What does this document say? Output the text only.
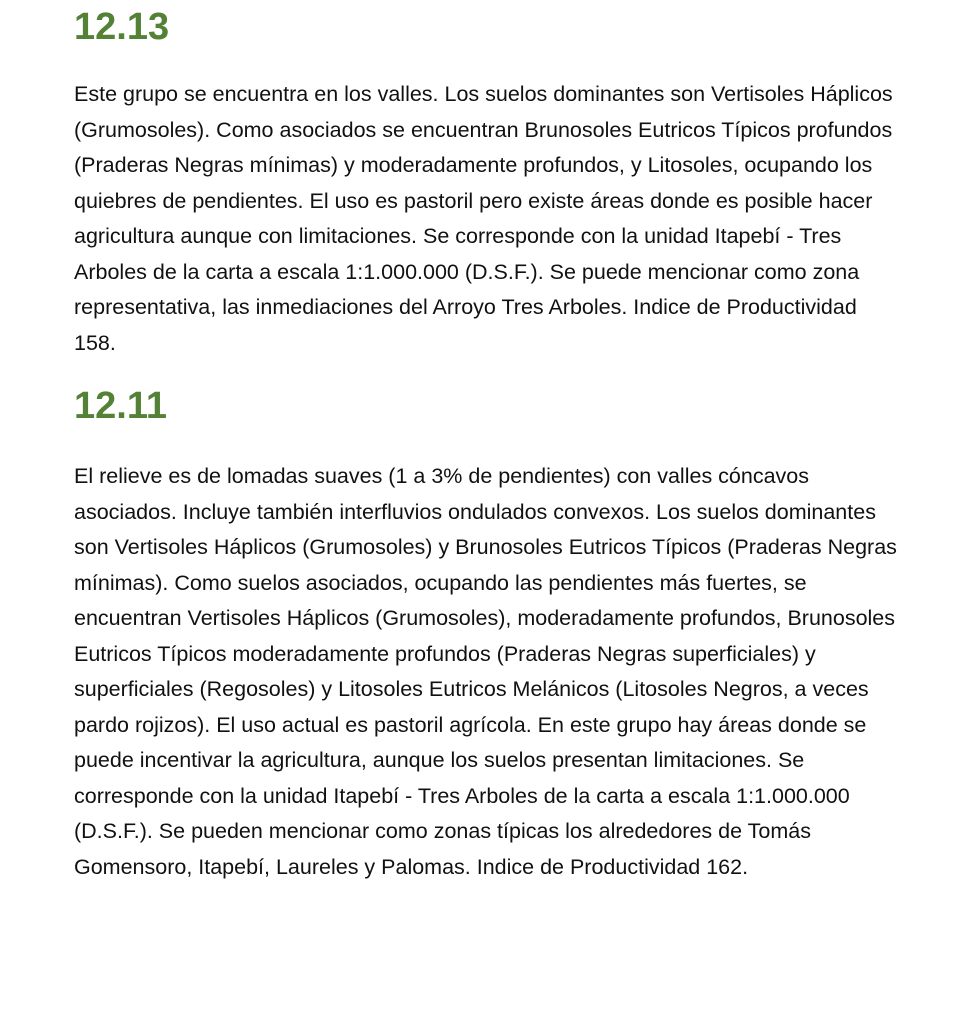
12.13

Este grupo se encuentra en los valles. Los suelos dominantes son Vertisoles Háplicos (Grumosoles). Como asociados se encuentran Brunosoles Eutricos Típicos profundos (Praderas Negras mínimas) y moderadamente profundos, y Litosoles, ocupando los quiebres de pendientes. El uso es pastoril pero existe áreas donde es posible hacer agricultura aunque con limitaciones. Se corresponde con la unidad Itapebí - Tres Arboles de la carta a escala 1:1.000.000 (D.S.F.). Se puede mencionar como zona representativa, las inmediaciones del Arroyo Tres Arboles. Indice de Productividad 158.

12.11

El relieve es de lomadas suaves (1 a 3% de pendientes) con valles cóncavos asociados. Incluye también interfluvios ondulados convexos. Los suelos dominantes son Vertisoles Háplicos (Grumosoles) y Brunosoles Eutricos Típicos (Praderas Negras mínimas). Como suelos asociados, ocupando las pendientes más fuertes, se encuentran Vertisoles Háplicos (Grumosoles), moderadamente profundos, Brunosoles Eutricos Típicos moderadamente profundos (Praderas Negras superficiales) y superficiales (Regosoles) y Litosoles Eutricos Melánicos (Litosoles Negros, a veces pardo rojizos). El uso actual es pastoril agrícola. En este grupo hay áreas donde se puede incentivar la agricultura, aunque los suelos presentan limitaciones. Se corresponde con la unidad Itapebí - Tres Arboles de la carta a escala 1:1.000.000 (D.S.F.). Se pueden mencionar como zonas típicas los alrededores de Tomás Gomensoro, Itapebí, Laureles y Palomas. Indice de Productividad 162.
